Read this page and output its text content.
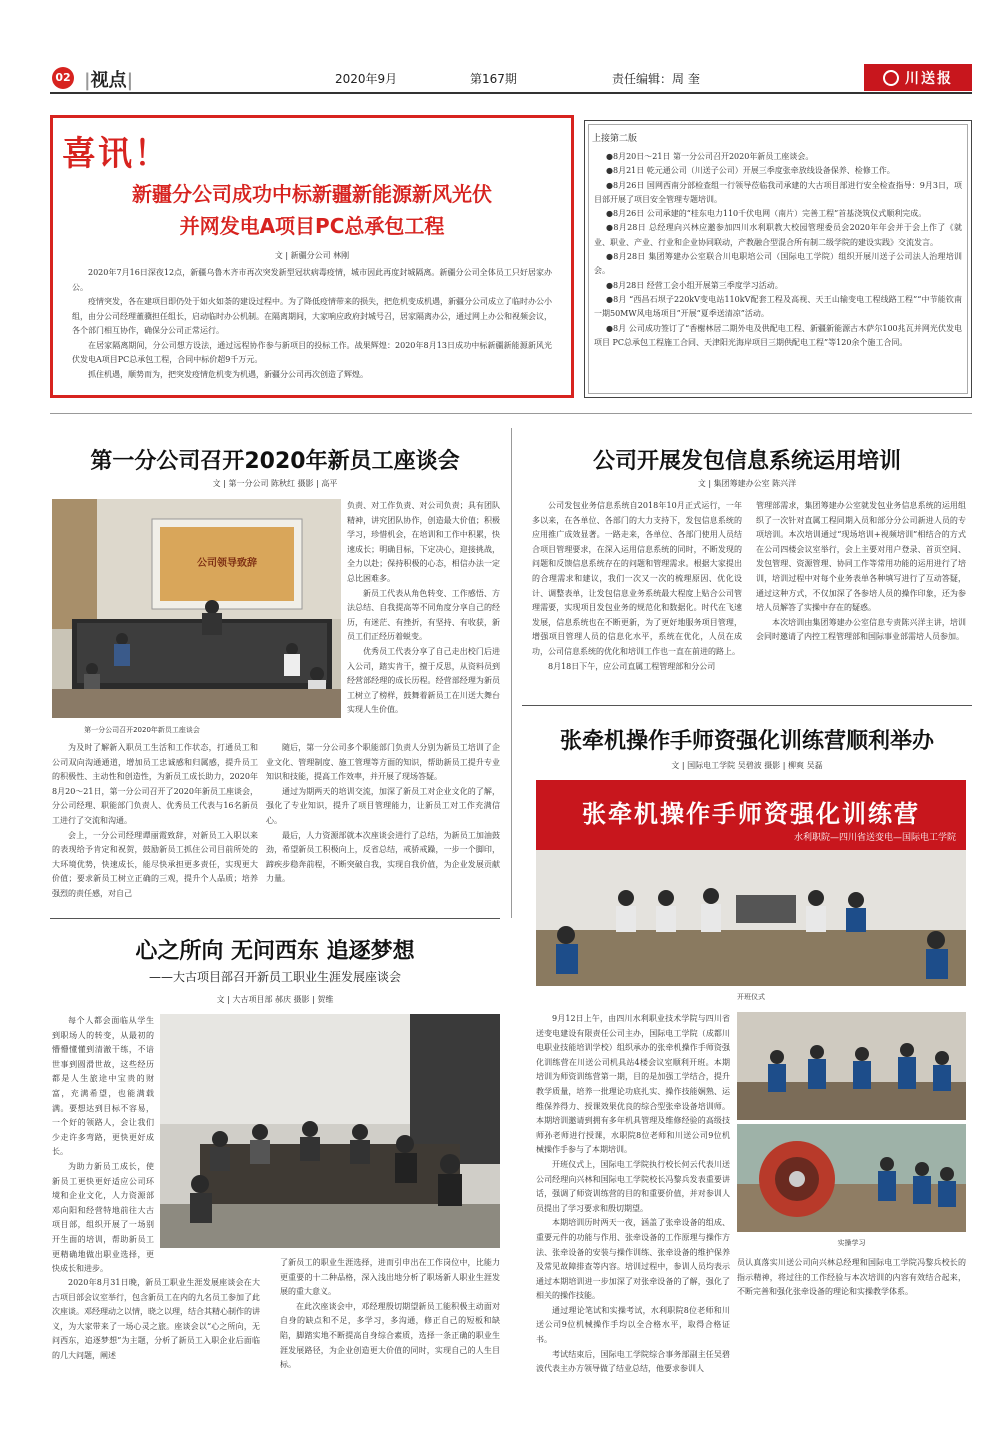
02 |视点|	2020年9月	第167期	责任编辑：周 奎	川送报
喜讯！
新疆分公司成功中标新疆新能源新风光伏
并网发电A项目PC总承包工程
文 | 新疆分公司 林刚

2020年7月16日深夜12点，新疆乌鲁木齐市再次突发新型冠状病毒疫情，城市因此再度封城隔离。新疆分公司全体员工只好居家办公。

疫情突发，各在建项目即仍处于如火如荼的建设过程中。为了降低疫情带来的损失，把危机变成机遇，新疆分公司成立了临时办公小组，由分公司经理董骥担任组长，启动临时办公机制。在隔离期间，大家响应政府封城号召，居家隔离办公，通过网上办公和视频会议，各个部门相互协作，确保分公司正常运行。

在居家隔离期间，分公司想方设法，通过远程协作参与新项目的投标工作。战果辉煌：2020年8月13日成功中标新疆新能源新风光伏发电A项目PC总承包工程，合同中标价超9千万元。

抓住机遇，顺势而为，把突发疫情危机变为机遇，新疆分公司再次创造了辉煌。

上接第二版
●8月20日～21日 第一分公司召开2020年新员工座谈会。
●8月21日 乾元通公司（川送子公司）开展三季度张牵放线设备保养、检修工作。
●8月26日 国网西南分部检查组一行领导莅临我司承建的大古项目部进行安全检查指导：9月3日，项目部开展了项目安全管理专题培训。
●8月26日 公司承建的“桂东电力110千伏电网（南片）完善工程”首基浇筑仪式顺利完成。
●8月28日 总经理向兴林应邀参加四川水利职教大校园管理委员会2020年年会并于会上作了《就业、职业、产业、行业和企业协同联动，产教融合型混合所有制二级学院的建设实践》交流发言。
●8月28日 集团筹建办公室联合川电职培公司（国际电工学院）组织开展川送子公司法人治理培训会。
●8月28日 经营工会小组开展第三季度学习活动。
●8月 “西昌石坝子220kV变电站110kV配套工程及高视、天王山输变电工程线路工程”“中节能钦南一期50MW风电场项目”开展“夏季送清凉”活动。
●8月 公司成功签订了“香榭林居二期外电及供配电工程、新疆新能源古木萨尔100兆瓦并网光伏发电项目 PC总承包工程施工合同、天津阳光海岸项目三期供配电工程”等120余个施工合同。
第一分公司召开2020年新员工座谈会
文 | 第一分公司 陈秋红 摄影 | 高平
公司领导致辞
第一分公司召开2020年新员工座谈会

负责、对工作负责、对公司负责；具有团队精神，讲究团队协作，创造最大价值；积极学习，珍惜机会，在培训和工作中积累，快速成长；明确目标，下定决心，迎接挑战，全力以赴；保持积极的心态，相信办法一定总比困难多。

新员工代表从角色转变、工作感悟、方法总结、自我提高等不同角度分享自己的经历，有迷茫、有挫折，有坚持、有收获，新员工们正经历着蜕变。

优秀员工代表分享了自己走出校门后进入公司，踏实肯干，擅于反思，从资料员到经营部经理的成长历程。经营部经理为新员工树立了榜样，鼓舞着新员工在川送大舞台实现人生价值。

为及时了解新入职员工生活和工作状态，打通员工和公司双向沟通通道，增加员工忠诚感和归属感，提升员工的积极性、主动性和创造性，为新员工成长助力，2020年8月20～21日，第一分公司召开了2020年新员工座谈会，分公司经理、职能部门负责人、优秀员工代表与16名新员工进行了交流和沟通。

会上，一分公司经理谭丽霞致辞，对新员工入职以来的表现给予肯定和祝贺，鼓励新员工抓住公司目前所处的大环境优势，快速成长，能尽快承担更多责任，实现更大价值；要求新员工树立正确的三观，提升个人品质；培养强烈的责任感，对自己

随后，第一分公司多个职能部门负责人分别为新员工培训了企业文化、管理制度、施工管理等方面的知识，帮助新员工提升专业知识和技能，提高工作效率，并开展了现场答疑。

通过为期两天的培训交流，加深了新员工对企业文化的了解，强化了专业知识，提升了项目管理能力，让新员工对工作充满信心。

最后，人力资源部就本次座谈会进行了总结，为新员工加油鼓劲，希望新员工积极向上，反省总结，戒骄戒躁，一步一个脚印，蹄疾步稳奔前程，不断突破自我，实现自我价值，为企业发展贡献力量。

公司开展发包信息系统运用培训
文 | 集团筹建办公室 陈兴洋

公司发包业务信息系统自2018年10月正式运行，一年多以来，在各单位、各部门的大力支持下，发包信息系统的应用推广成效显著。一路走来，各单位、各部门使用人员结合项目管理要求，在深入运用信息系统的同时，不断发现的问题和反馈信息系统存在的问题和管理需求。根据大家提出的合理需求和建议，我们一次又一次的梳理原因、优化设计、调整表单，让发包信息业务系统最大程度上贴合公司管理需要，实现项目发包业务的规范化和数据化。时代在飞速发展，信息系统也在不断更新，为了更好地服务项目管理，增强项目管理人员的信息化水平，系统在优化，人员在成功，公司信息系统的优化和培训工作也一直在前进的路上。

8月18日下午，应公司直属工程管理部和分公司

管理部需求，集团筹建办公室就发包业务信息系统的运用组织了一次针对直属工程同期入员和部分分公司新进人员的专项培训。本次培训通过“现场培训+视频培训”相结合的方式在公司四楼会议室举行，会上主要对用户登录、首页空间、发包管理、资源管理、协同工作等常用功能的运用进行了培训，培训过程中对每个业务表单各种填写进行了互动答疑，通过这种方式，不仅加深了各参培人员的操作印象，还为参培人员解答了实操中存在的疑惑。

本次培训由集团筹建办公室信息专责陈兴洋主讲，培训会同时邀请了内控工程管理部和国际事业部需培人员参加。

张牵机操作手师资强化训练营顺利举办
文 | 国际电工学院 吴碧波 摄影 | 柳爽 吴磊
张牵机操作手师资强化训练营
水利职院—四川省送变电—国际电工学院
开班仪式

9月12日上午，由四川水利职业技术学院与四川省送变电建设有限责任公司主办，国际电工学院（成都川电职业技能培训学校）组织承办的张牵机操作手师资强化训练营在川送公司机具站4楼会议室顺利开班。本期培训为师资训练营第一期，目的是加强工学结合，提升教学质量，培养一批理论功底扎实、操作技能娴熟、运维保养得力、授课效果优良的综合型张牵设备培训师。本期培训邀请到拥有多年机具管理及维修经验的高级技师孙老师进行授课，水职院8位老师和川送公司9位机械操作手参与了本期培训。

开班仪式上，国际电工学院执行校长何云代表川送公司经理向兴林和国际电工学院校长冯黎兵发表重要讲话，强调了师资训练营的目的和重要价值，并对参训人员提出了学习要求和殷切期望。

本期培训历时两天一夜，涵盖了张牵设备的组成、重要元件的功能与作用、张牵设备的工作原理与操作方法、张牵设备的安装与操作训练、张牵设备的维护保养及常见故障排查等内容。培训过程中，参训人员均表示通过本期培训进一步加深了对张牵设备的了解，强化了相关的操作技能。

通过理论笔试和实操考试，水利职院8位老师和川送公司9位机械操作手均以全合格水平，取得合格证书。

考试结束后，国际电工学院综合事务部副主任吴碧波代表主办方领导做了结业总结，他要求参训人

实操学习
员认真落实川送公司向兴林总经理和国际电工学院冯黎兵校长的指示精神，将过往的工作经验与本次培训的内容有效结合起来，不断完善和强化张牵设备的理论和实操教学体系。
心之所向 无问西东 追逐梦想
——大古项目部召开新员工职业生涯发展座谈会
文 | 大古项目部 郝庆 摄影 | 贺维

每个人都会面临从学生到职场人的转变，从最初的懵懵懂懂到清澈干练，不谙世事到圆滑世故，这些经历都是人生旅途中宝贵的财富，充满希望，也能满载满。要想达到目标不容易，一个好的领路人，会让我们少走许多弯路，更快更好成长。

为助力新员工成长，使新员工更快更好适应公司环境和企业文化，人力资源部邓向阳和经营特地前往大古项目部，组织开展了一场别开生面的培训，帮助新员工更精确地做出职业选择，更快成长和进步。

2020年8月31日晚，新员工职业生涯发展座谈会在大古项目部会议室举行，包含新员工在内的九名员工参加了此次座谈。邓经理动之以情，晓之以理，结合其精心制作的讲义，为大家带来了一场心灵之旅。座谈会以“心之所向，无问西东，追逐梦想”为主题，分析了新员工入职企业后面临的几大问题，阐述

了新员工的职业生涯选择，进而引申出在工作岗位中，比能力更重要的十二种品格，深入浅出地分析了职场新人职业生涯发展的重大意义。

在此次座谈会中，邓经理殷切期望新员工能积极主动面对自身的缺点和不足，多学习，多沟通，修正自己的短板和缺陷，脚踏实地不断提高自身综合素质，选择一条正确的职业生涯发展路径，为企业创造更大价值的同时，实现自己的人生目标。
